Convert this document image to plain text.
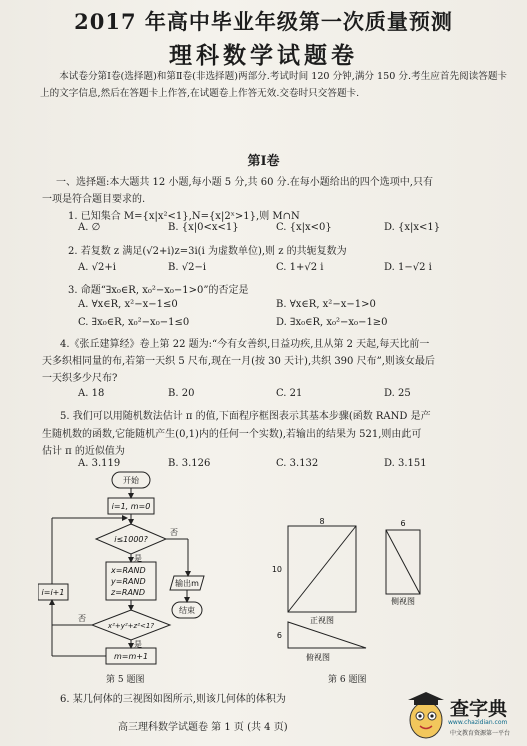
2017 年高中毕业年级第一次质量预测
理科数学试题卷
本试卷分第Ⅰ卷(选择题)和第Ⅱ卷(非选择题)两部分.考试时间 120 分钟,满分 150 分.考生应首先阅读答题卡上的文字信息,然后在答题卡上作答,在试题卷上作答无效.交卷时只交答题卡.
第Ⅰ卷
一、选择题:本大题共 12 小题,每小题 5 分,共 60 分.在每小题给出的四个选项中,只有
一项是符合题目要求的.
1. 已知集合 M={x|x²<1},N={x|2ˣ>1},则 M∩N
A. ∅	B. {x|0<x<1}	C. {x|x<0}	D. {x|x<1}
2. 若复数 z 满足(√2+i)z=3i(i 为虚数单位),则 z 的共轭复数为
A. √2+i	B. √2−i	C. 1+√2 i	D. 1−√2 i
3. 命题“∃x₀∈R, x₀²−x₀−1>0”的否定是
A. ∀x∈R, x²−x−1≤0	B. ∀x∈R, x²−x−1>0
C. ∃x₀∈R, x₀²−x₀−1≤0	D. ∃x₀∈R, x₀²−x₀−1≥0
4.《张丘建算经》卷上第 22 题为:“今有女善织,日益功疾,且从第 2 天起,每天比前一
天多织相同量的布,若第一天织 5 尺布,现在一月(按 30 天计),共织 390 尺布”,则该女最后
一天织多少尺布?
A. 18	B. 20	C. 21	D. 25
5. 我们可以用随机数法估计 π 的值,下面程序框图表示其基本步骤(函数 RAND 是产
生随机数的函数,它能随机产生(0,1)内的任何一个实数),若输出的结果为 521,则由此可
估计 π 的近似值为
A. 3.119	B. 3.126	C. 3.132	D. 3.151
开始
i=1, m=0
i≤1000?
否
是
x=RAND
y=RAND
z=RAND
输出m
结束
x²+y²+z²<1?
否
是
m=m+1
i=i+1
第 5 题图
8
10
6
6
正视图
侧视图
俯视图
第 6 题图
6. 某几何体的三视图如图所示,则该几何体的体积为
高三理科数学试题卷 第 1 页 (共 4 页)
查字典
www.chazidian.com
中文教育资源第一平台
